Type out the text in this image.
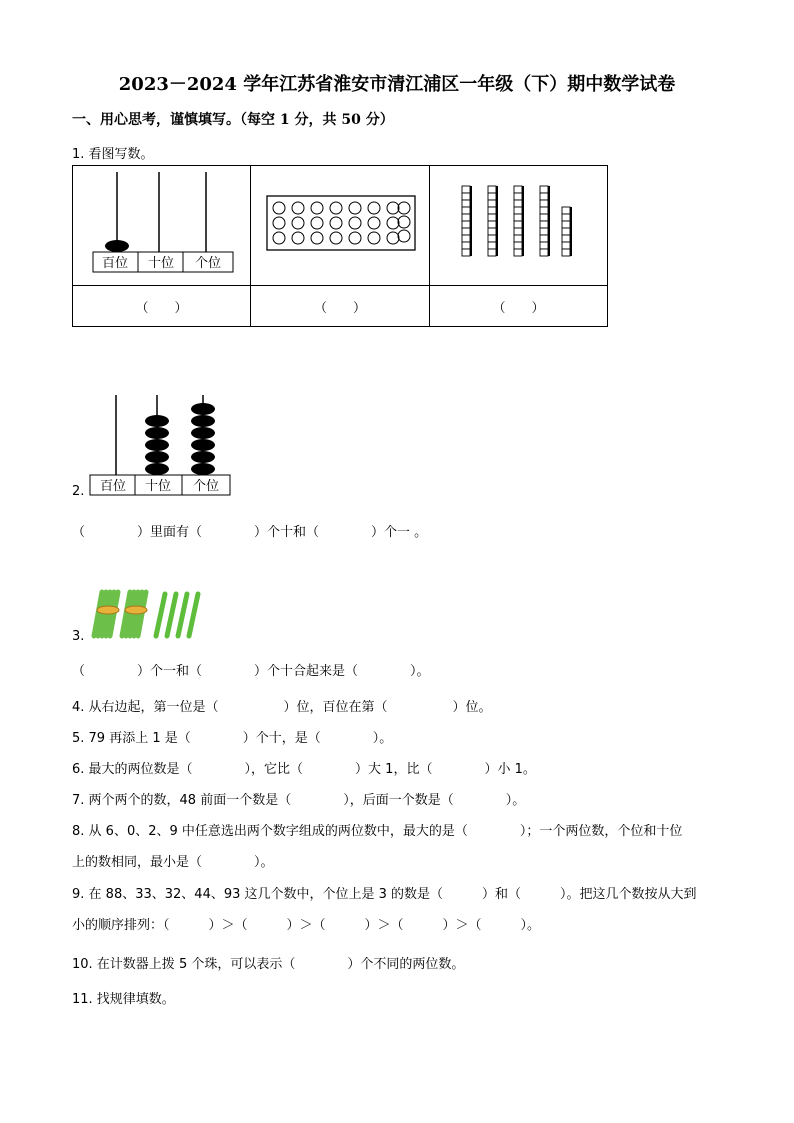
2023－2024 学年江苏省淮安市清江浦区一年级（下）期中数学试卷
一、用心思考，谨慎填写。（每空 1 分，共 50 分）
1. 看图写数。
百位 十位 个位

（　　）	（　　）	（　　）
2. 百位 十位 个位
（　　　　）里面有（　　　　）个十和（　　　　）个一 。
3.
（　　　　）个一和（　　　　）个十合起来是（　　　　）。
4. 从右边起，第一位是（　　　　　）位，百位在第（　　　　　）位。
5. 79 再添上 1 是（　　　　）个十，是（　　　　）。
6. 最大的两位数是（　　　　），它比（　　　　）大 1，比（　　　　）小 1。
7. 两个两个的数，48 前面一个数是（　　　　），后面一个数是（　　　　）。
8. 从 6、0、2、9 中任意选出两个数字组成的两位数中，最大的是（　　　　）；一个两位数，个位和十位
上的数相同，最小是（　　　　）。
9. 在 88、33、32、44、93 这几个数中，个位上是 3 的数是（　　　）和（　　　）。把这几个数按从大到
小的顺序排列：（　　　）＞（　　　）＞（　　　）＞（　　　）＞（　　　）。
10. 在计数器上拨 5 个珠，可以表示（　　　　）个不同的两位数。
11. 找规律填数。
